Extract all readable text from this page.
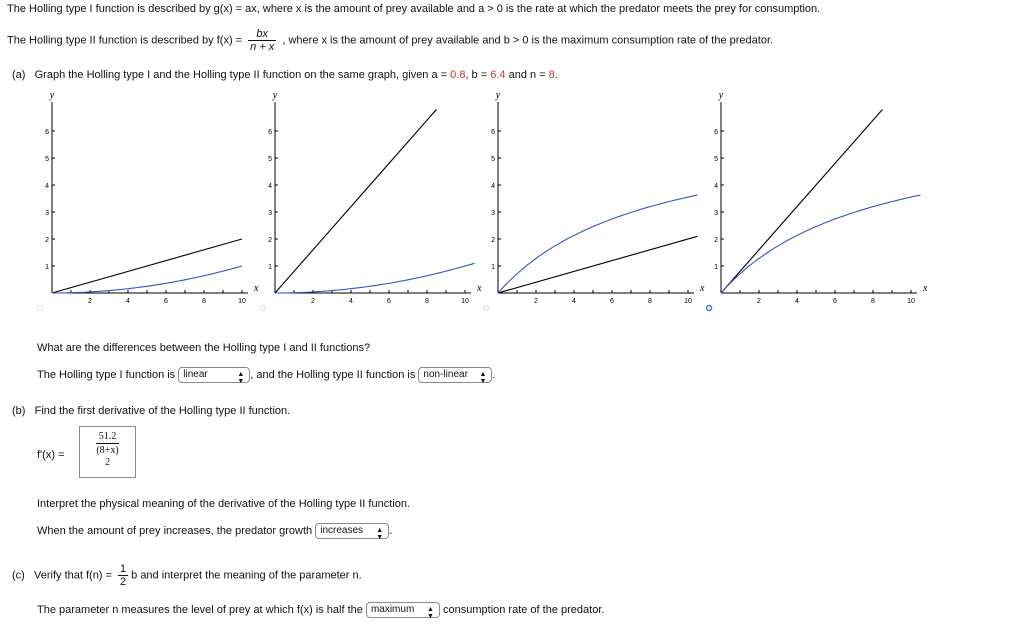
The Holling type I function is described by g(x) = ax, where x is the amount of prey available and a > 0 is the rate at which the predator meets the prey for consumption.
The Holling type II function is described by $f(x) = \frac{bx}{n + x}$ , where x is the amount of prey available and b > 0 is the maximum consumption rate of the predator.
(a) Graph the Holling type I and the Holling type II function on the same graph, given a = 0.8, b = 6.4 and n = 8.
y
x
1
2
3
4
5
6
2	4	6	8	10
y
x
1
2
3
4
5
6
2	4	6	8	10
y
x
1
2
3
4
5
6
2	4	6	8	10
y
x
1
2
3
4
5
6
2	4	6	8	10
What are the differences between the Holling type I and II functions?
The Holling type I function is linear	▲
▼
, and the Holling type II function is non-linear ▲
▼
.
(b) Find the first derivative of the Holling type II function.
f'(x) =
51.2
(8+x)
2
Interpret the physical meaning of the derivative of the Holling type II function.
When the amount of prey increases, the predator growth increases ▲
▼
.
(c) Verify that $f(n) = \frac{1}{2}$ b and interpret the meaning of the parameter n.
The parameter n measures the level of prey at which f(x) is half the maximum ▲
▼
consumption rate of the predator.
